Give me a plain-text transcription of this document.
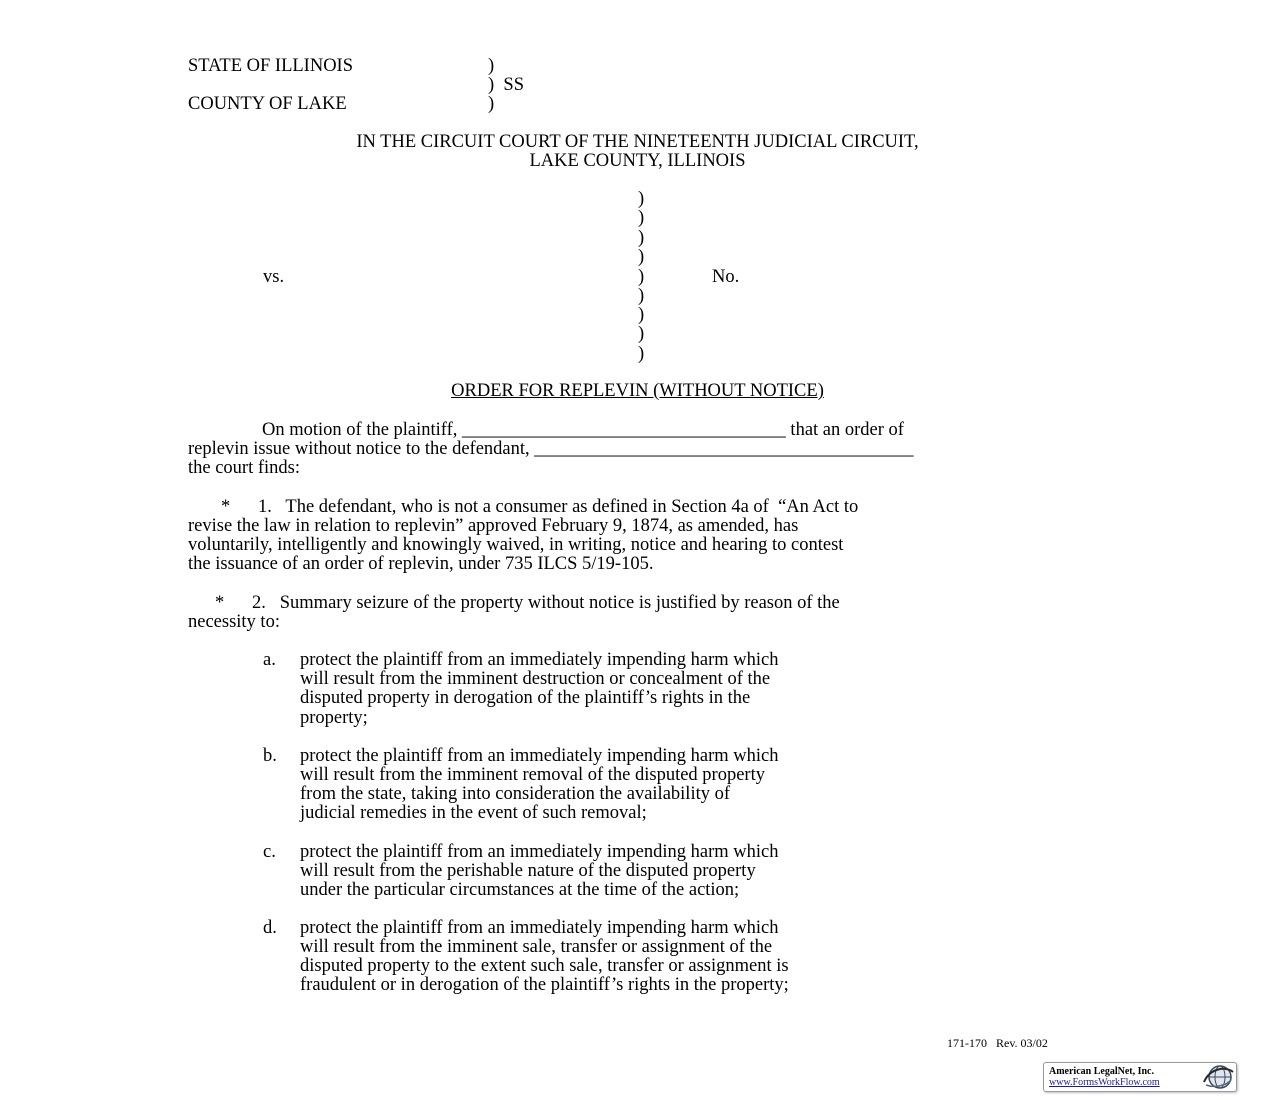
STATE OF ILLINOIS	)
)  SS
COUNTY OF LAKE	)
IN THE CIRCUIT COURT OF THE NINETEENTH JUDICIAL CIRCUIT,
LAKE COUNTY, ILLINOIS
)
)
)
)
)
)
)
)
)
vs.	No.
ORDER FOR REPLEVIN (WITHOUT NOTICE)
On motion of the plaintiff, ___________________________________ that an order of
replevin issue without notice to the defendant, _________________________________________
the court finds:
*      1.   The defendant, who is not a consumer as defined in Section 4a of  “An Act to
revise the law in relation to replevin” approved February 9, 1874, as amended, has
voluntarily, intelligently and knowingly waived, in writing, notice and hearing to contest
the issuance of an order of replevin, under 735 ILCS 5/19-105.
*      2.   Summary seizure of the property without notice is justified by reason of the
necessity to:
a. protect the plaintiff from an immediately impending harm which
will result from the imminent destruction or concealment of the
disputed property in derogation of the plaintiff’s rights in the
property;
b. protect the plaintiff from an immediately impending harm which
will result from the imminent removal of the disputed property
from the state, taking into consideration the availability of
judicial remedies in the event of such removal;
c. protect the plaintiff from an immediately impending harm which
will result from the perishable nature of the disputed property
under the particular circumstances at the time of the action;
d. protect the plaintiff from an immediately impending harm which
will result from the imminent sale, transfer or assignment of the
disputed property to the extent such sale, transfer or assignment is
fraudulent or in derogation of the plaintiff’s rights in the property;
171-170   Rev. 03/02
American LegalNet, Inc.
www.FormsWorkFlow.com
